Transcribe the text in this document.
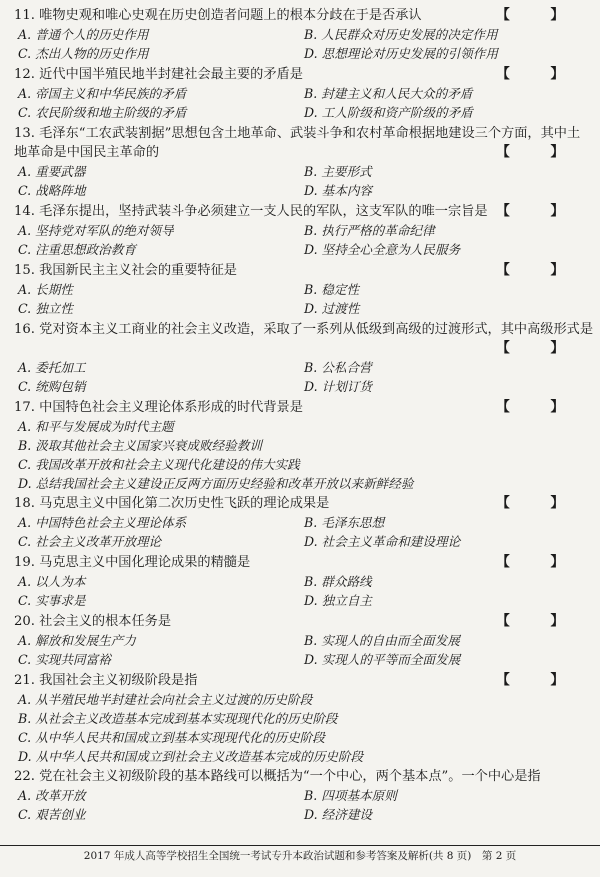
11. 唯物史观和唯心史观在历史创造者问题上的根本分歧在于是否承认	【 】
A. 普通个人的历史作用	B. 人民群众对历史发展的决定作用
C. 杰出人物的历史作用	D. 思想理论对历史发展的引领作用
12. 近代中国半殖民地半封建社会最主要的矛盾是	【 】
A. 帝国主义和中华民族的矛盾	B. 封建主义和人民大众的矛盾
C. 农民阶级和地主阶级的矛盾	D. 工人阶级和资产阶级的矛盾
13. 毛泽东“工农武装割据”思想包含土地革命、武装斗争和农村革命根据地建设三个方面，其中土
地革命是中国民主革命的	【 】
A. 重要武器	B. 主要形式
C. 战略阵地	D. 基本内容
14. 毛泽东提出，坚持武装斗争必须建立一支人民的军队，这支军队的唯一宗旨是 【 】
A. 坚持党对军队的绝对领导	B. 执行严格的革命纪律
C. 注重思想政治教育	D. 坚持全心全意为人民服务
15. 我国新民主主义社会的重要特征是	【 】
A. 长期性	B. 稳定性
C. 独立性	D. 过渡性
16. 党对资本主义工商业的社会主义改造，采取了一系列从低级到高级的过渡形式，其中高级形式是
【 】
A. 委托加工	B. 公私合营
C. 统购包销	D. 计划订货
17. 中国特色社会主义理论体系形成的时代背景是	【 】
A. 和平与发展成为时代主题
B. 汲取其他社会主义国家兴衰成败经验教训
C. 我国改革开放和社会主义现代化建设的伟大实践
D. 总结我国社会主义建设正反两方面历史经验和改革开放以来新鲜经验
18. 马克思主义中国化第二次历史性飞跃的理论成果是	【 】
A. 中国特色社会主义理论体系	B. 毛泽东思想
C. 社会主义改革开放理论	D. 社会主义革命和建设理论
19. 马克思主义中国化理论成果的精髓是	【 】
A. 以人为本	B. 群众路线
C. 实事求是	D. 独立自主
20. 社会主义的根本任务是	【 】
A. 解放和发展生产力	B. 实现人的自由而全面发展
C. 实现共同富裕	D. 实现人的平等而全面发展
21. 我国社会主义初级阶段是指	【 】
A. 从半殖民地半封建社会向社会主义过渡的历史阶段
B. 从社会主义改造基本完成到基本实现现代化的历史阶段
C. 从中华人民共和国成立到基本实现现代化的历史阶段
D. 从中华人民共和国成立到社会主义改造基本完成的历史阶段
22. 党在社会主义初级阶段的基本路线可以概括为“一个中心，两个基本点”。一个中心是指
A. 改革开放	B. 四项基本原则
C. 艰苦创业	D. 经济建设
2017 年成人高等学校招生全国统一考试专升本政治试题和参考答案及解析(共 8 页)　第 2 页
